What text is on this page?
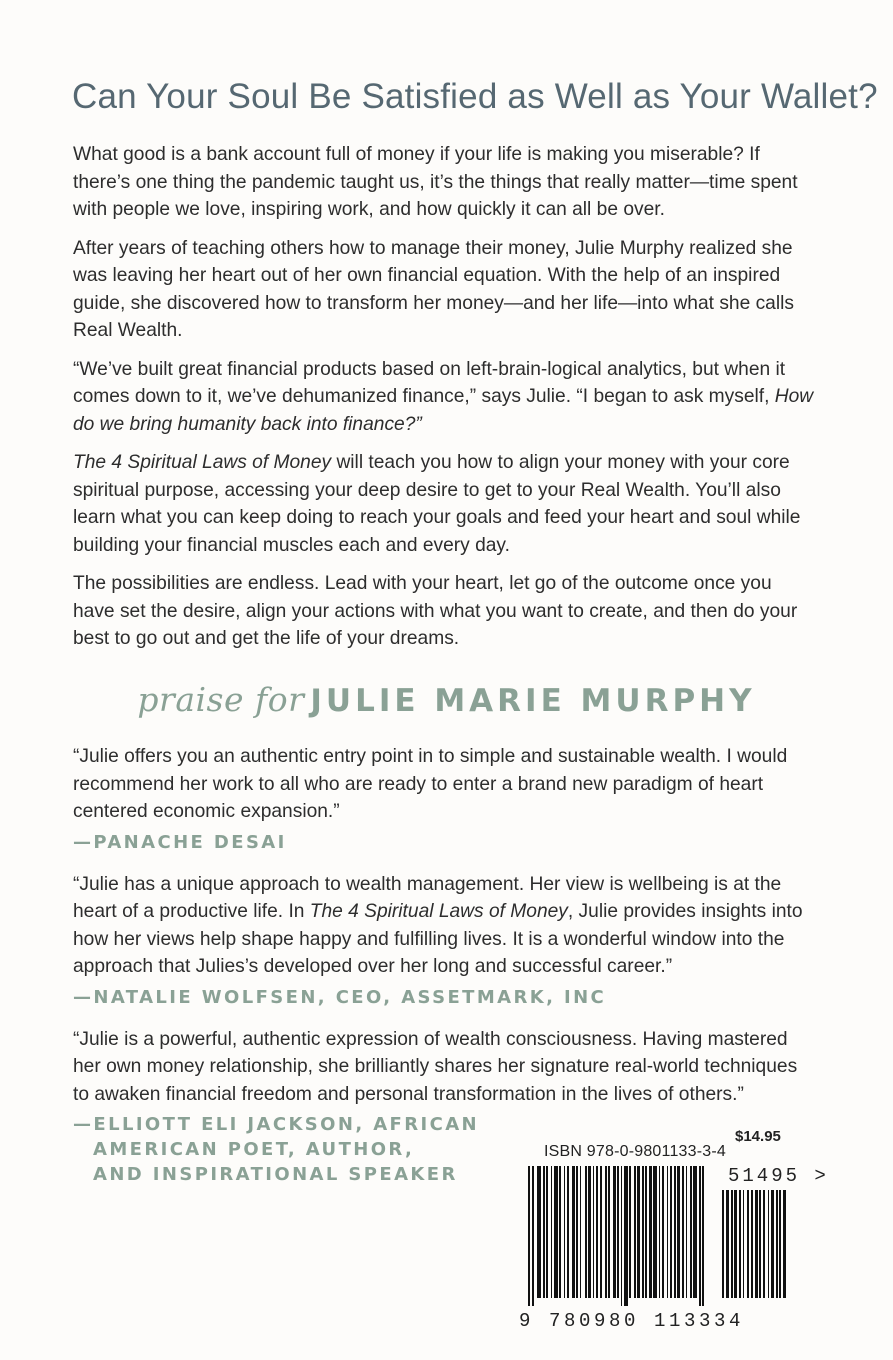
Can Your Soul Be Satisfied as Well as Your Wallet?

What good is a bank account full of money if your life is making you miserable? If there’s one thing the pandemic taught us, it’s the things that really matter—time spent with people we love, inspiring work, and how quickly it can all be over.

After years of teaching others how to manage their money, Julie Murphy realized she was leaving her heart out of her own financial equation. With the help of an inspired guide, she discovered how to transform her money—and her life—into what she calls Real Wealth.

“We’ve built great financial products based on left-brain-logical analytics, but when it comes down to it, we’ve dehumanized finance,” says Julie. “I began to ask myself, How do we bring humanity back into finance?”

The 4 Spiritual Laws of Money will teach you how to align your money with your core spiritual purpose, accessing your deep desire to get to your Real Wealth. You’ll also learn what you can keep doing to reach your goals and feed your heart and soul while building your financial muscles each and every day.

The possibilities are endless. Lead with your heart, let go of the outcome once you have set the desire, align your actions with what you want to create, and then do your best to go out and get the life of your dreams.

praise for JULIE MARIE MURPHY

“Julie offers you an authentic entry point in to simple and sustainable wealth. I would recommend her work to all who are ready to enter a brand new paradigm of heart centered economic expansion.”

—PANACHE DESAI

“Julie has a unique approach to wealth management. Her view is wellbeing is at the heart of a productive life. In The 4 Spiritual Laws of Money, Julie provides insights into how her views help shape happy and fulfilling lives. It is a wonderful window into the approach that Julies’s developed over her long and successful career.”

—NATALIE WOLFSEN, CEO, ASSETMARK, INC

“Julie is a powerful, authentic expression of wealth consciousness. Having mastered her own money relationship, she brilliantly shares her signature real-world techniques to awaken financial freedom and personal transformation in the lives of others.”

—ELLIOTT ELI JACKSON, AFRICAN
AMERICAN POET, AUTHOR,
AND INSPIRATIONAL SPEAKER
$14.95
ISBN 978-0-9801133-3-4
51495 >
9 780980 113334
